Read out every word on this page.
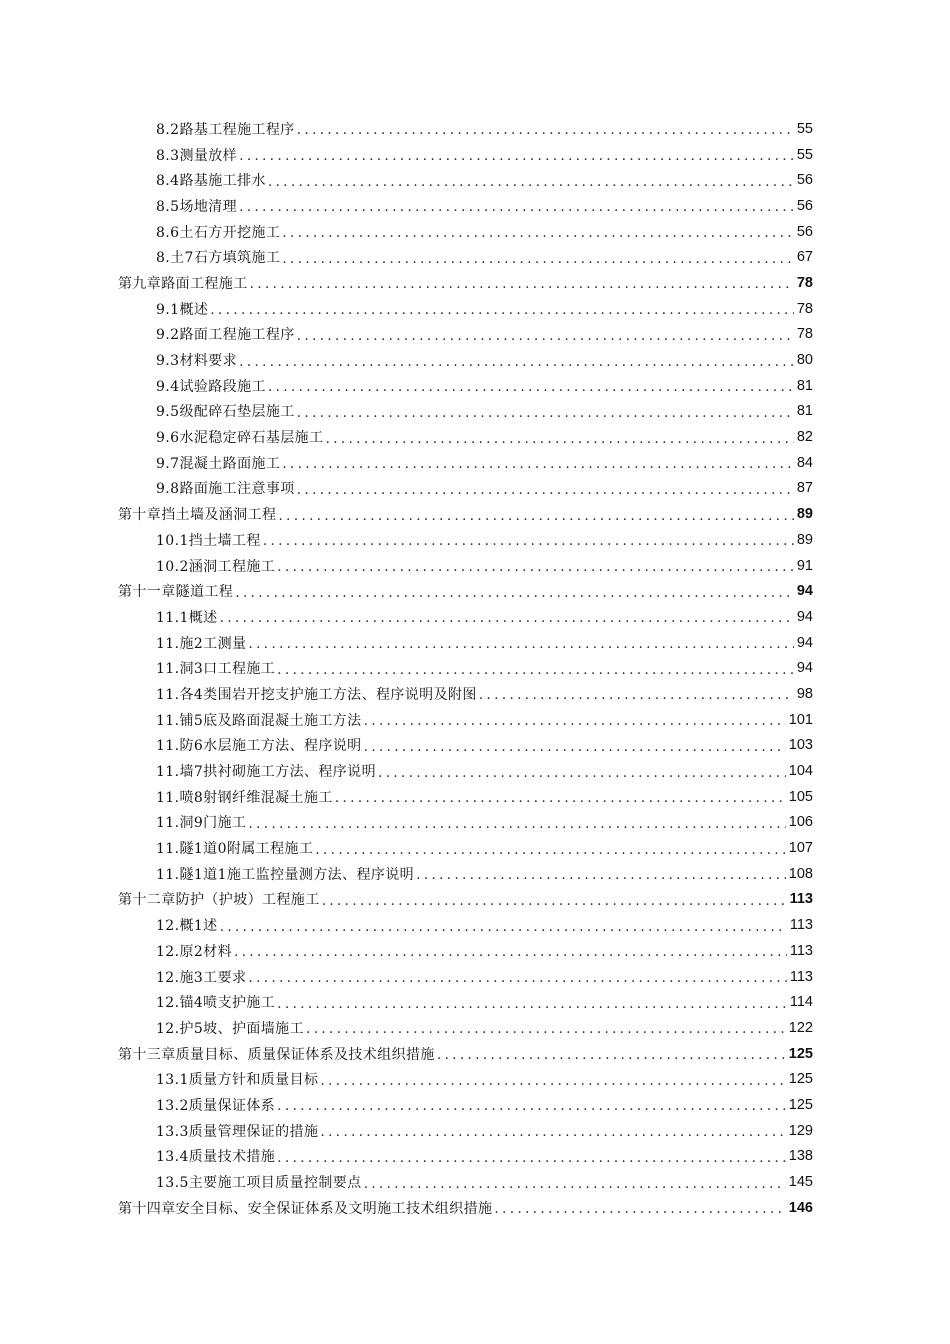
8.2路基工程施工程序 .....	55
8.3测量放样 .....	55
8.4路基施工排水 .....	56
8.5场地清理 .....	56
8.6土石方开挖施工 .....	56
8.土7石方填筑施工 .....	67
第九章路面工程施工 .....	78
9.1概述 .....	78
9.2路面工程施工程序 .....	78
9.3材料要求 .....	80
9.4试验路段施工 .....	81
9.5级配碎石垫层施工 .....	81
9.6水泥稳定碎石基层施工 .....	82
9.7混凝土路面施工 .....	84
9.8路面施工注意事项 .....	87
第十章挡土墙及涵洞工程 .....	89
10.1挡土墙工程 .....	89
10.2涵洞工程施工 .....	91
第十一章隧道工程 .....	94
11.1概述 .....	94
11.施2工测量 .....	94
11.洞3口工程施工 .....	94
11.各4类围岩开挖支护施工方法、程序说明及附图 .....	98
11.铺5底及路面混凝土施工方法 .....	101
11.防6水层施工方法、程序说明 .....	103
11.墙7拱衬砌施工方法、程序说明 .....	104
11.喷8射钢纤维混凝土施工 .....	105
11.洞9门施工 .....	106
11.隧1道0附属工程施工 .....	107
11.隧1道1施工监控量测方法、程序说明 .....	108
第十二章防护（护坡）工程施工 .....	113
12.概1述 .....	113
12.原2材料 .....	113
12.施3工要求 .....	113
12.锚4喷支护施工 .....	114
12.护5坡、护面墙施工 .....	122
第十三章质量目标、质量保证体系及技术组织措施 .....	125
13.1质量方针和质量目标 .....	125
13.2质量保证体系 .....	125
13.3质量管理保证的措施 .....	129
13.4质量技术措施 .....	138
13.5主要施工项目质量控制要点 .....	145
第十四章安全目标、安全保证体系及文明施工技术组织措施 .....	146
